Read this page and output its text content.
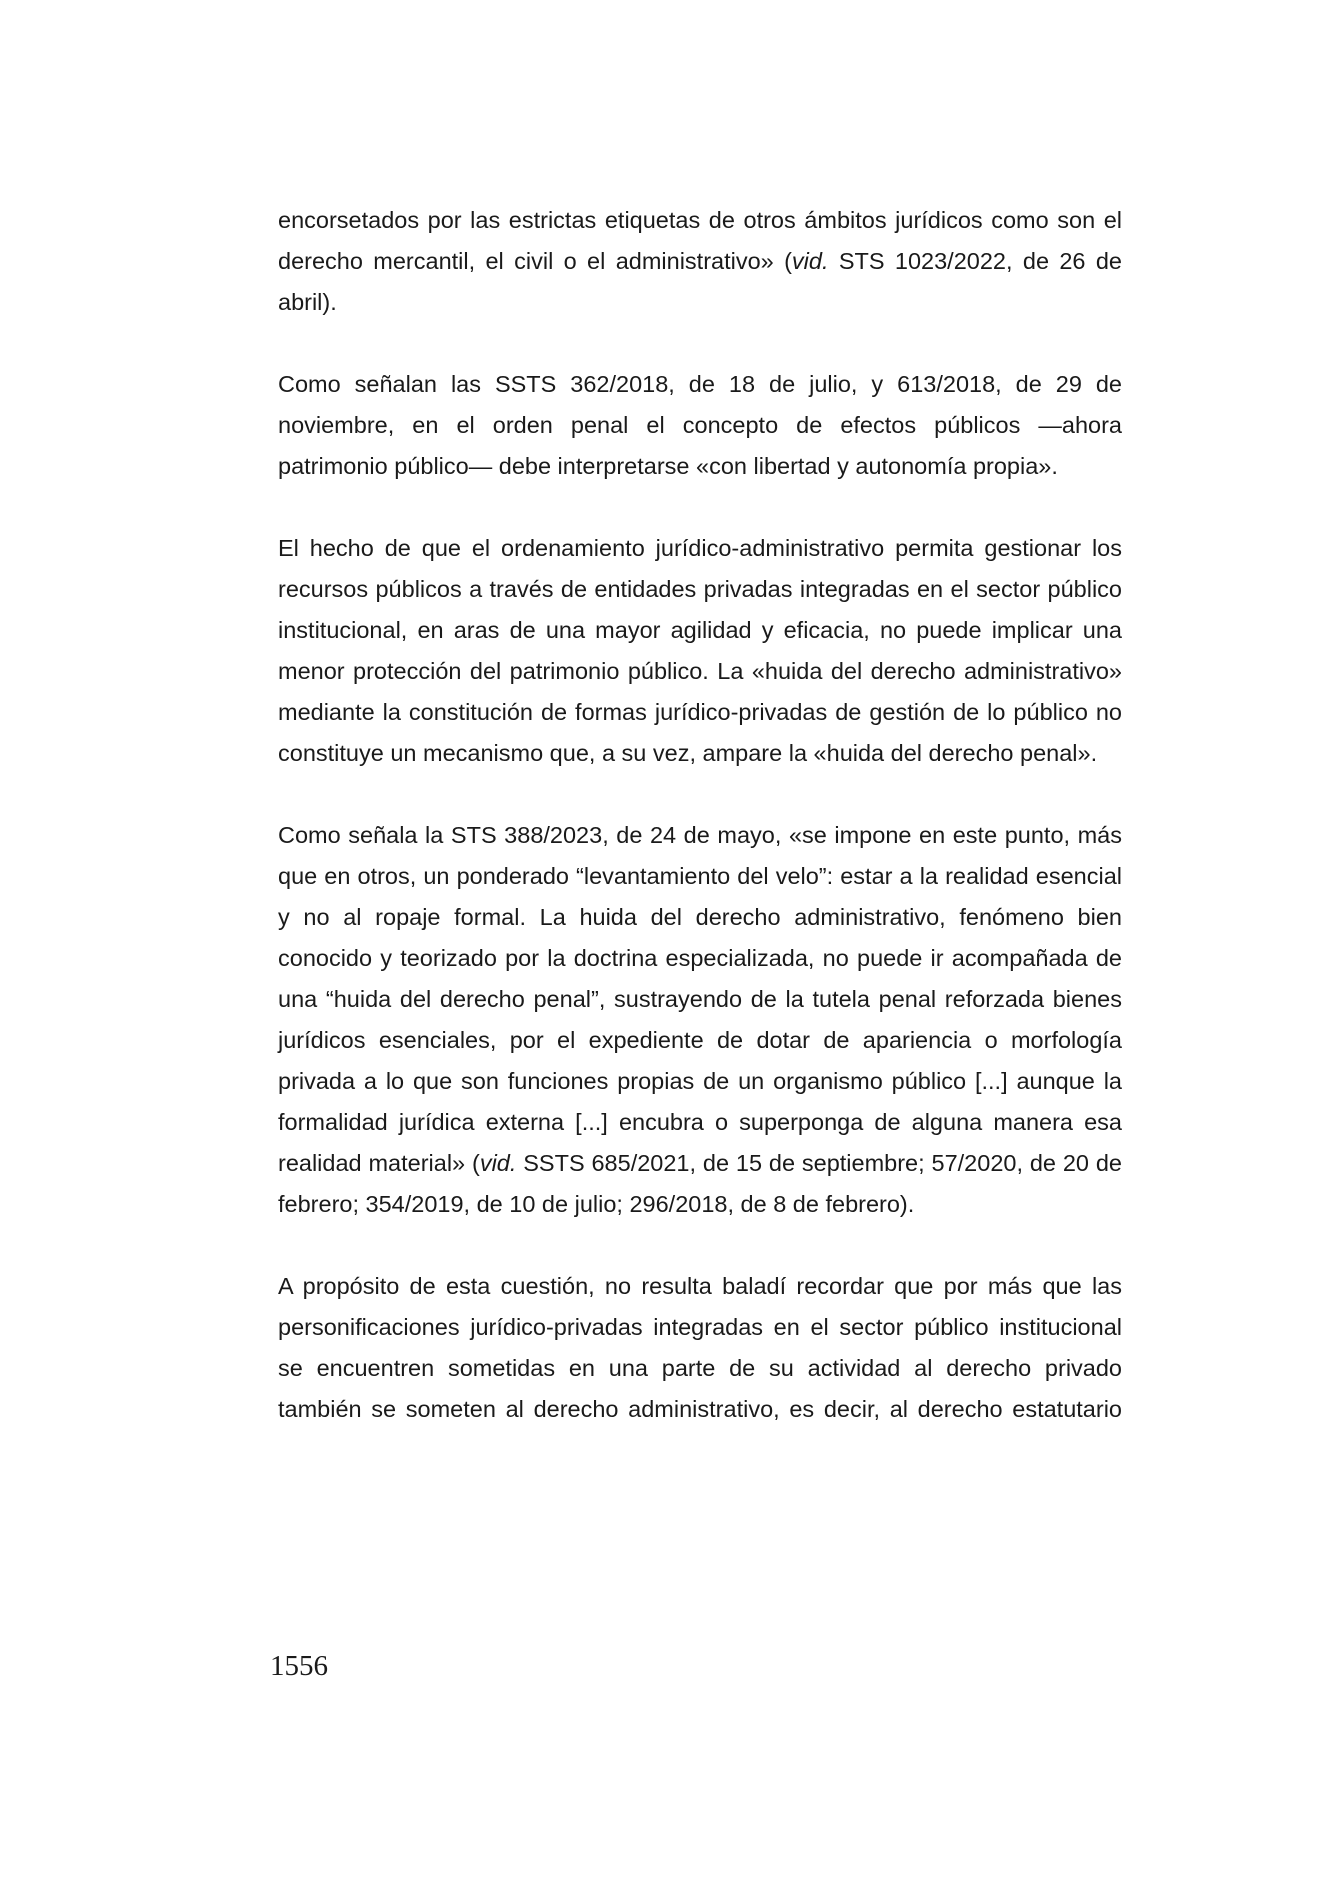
encorsetados por las estrictas etiquetas de otros ámbitos jurídicos como son el derecho mercantil, el civil o el administrativo» (vid. STS 1023/2022, de 26 de abril).

Como señalan las SSTS 362/2018, de 18 de julio, y 613/2018, de 29 de noviembre, en el orden penal el concepto de efectos públicos —ahora patrimonio público— debe interpretarse «con libertad y autonomía propia».

El hecho de que el ordenamiento jurídico-administrativo permita gestionar los recursos públicos a través de entidades privadas integradas en el sector público institucional, en aras de una mayor agilidad y eficacia, no puede implicar una menor protección del patrimonio público. La «huida del derecho administrativo» mediante la constitución de formas jurídico-privadas de gestión de lo público no constituye un mecanismo que, a su vez, ampare la «huida del derecho penal».

Como señala la STS 388/2023, de 24 de mayo, «se impone en este punto, más que en otros, un ponderado “levantamiento del velo”: estar a la realidad esencial y no al ropaje formal. La huida del derecho administrativo, fenómeno bien conocido y teorizado por la doctrina especializada, no puede ir acompañada de una “huida del derecho penal”, sustrayendo de la tutela penal reforzada bienes jurídicos esenciales, por el expediente de dotar de apariencia o morfología privada a lo que son funciones propias de un organismo público [...] aunque la formalidad jurídica externa [...] encubra o superponga de alguna manera esa realidad material» (vid. SSTS 685/2021, de 15 de septiembre; 57/2020, de 20 de febrero; 354/2019, de 10 de julio; 296/2018, de 8 de febrero).

A propósito de esta cuestión, no resulta baladí recordar que por más que las personificaciones jurídico-privadas integradas en el sector público institucional se encuentren sometidas en una parte de su actividad al derecho privado también se someten al derecho administrativo, es decir, al derecho estatutario

1556
